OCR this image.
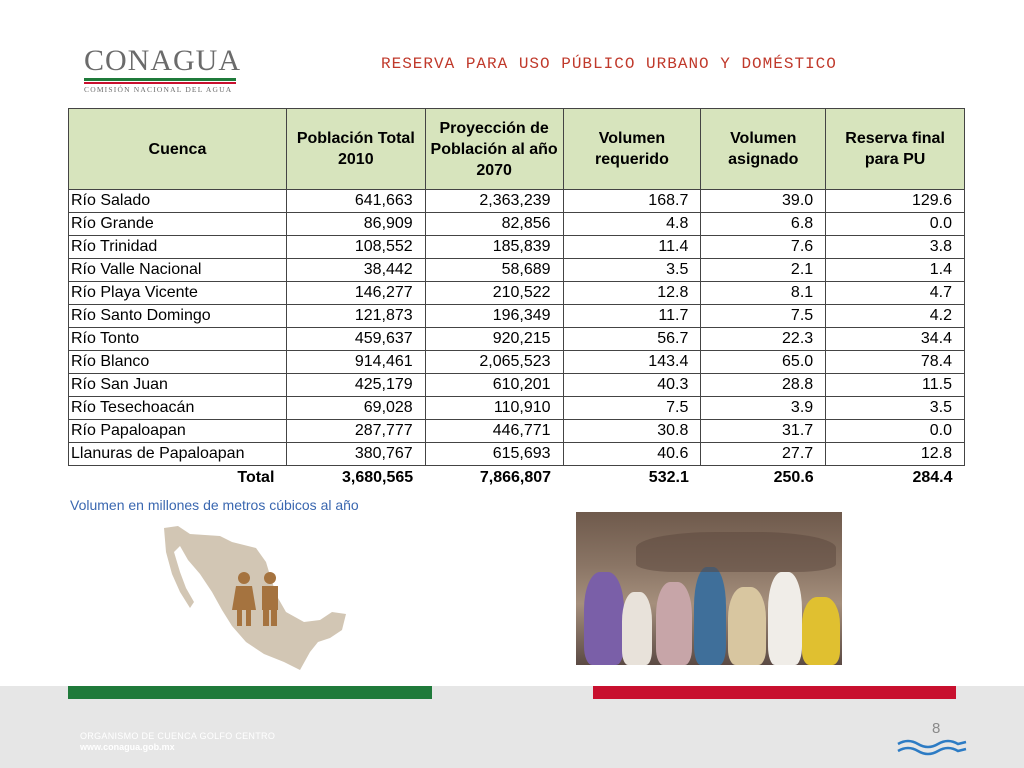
CONAGUA
COMISIÓN NACIONAL DEL AGUA
RESERVA PARA USO PÚBLICO URBANO Y DOMÉSTICO
Cuenca	Población Total 2010	Proyección de Población al año 2070	Volumen requerido	Volumen asignado	Reserva final para PU
Río Salado	641,663	2,363,239	168.7	39.0	129.6
Río Grande	86,909	82,856	4.8	6.8	0.0
Río Trinidad	108,552	185,839	11.4	7.6	3.8
Río Valle Nacional	38,442	58,689	3.5	2.1	1.4
Río Playa Vicente	146,277	210,522	12.8	8.1	4.7
Río Santo Domingo	121,873	196,349	11.7	7.5	4.2
Río Tonto	459,637	920,215	56.7	22.3	34.4
Río Blanco	914,461	2,065,523	143.4	65.0	78.4
Río San Juan	425,179	610,201	40.3	28.8	11.5
Río Tesechoacán	69,028	110,910	7.5	3.9	3.5
Río Papaloapan	287,777	446,771	30.8	31.7	0.0
Llanuras de Papaloapan	380,767	615,693	40.6	27.7	12.8
Total	3,680,565	7,866,807	532.1	250.6	284.4
Volumen en millones de metros cúbicos al año
ORGANISMO DE CUENCA GOLFO CENTRO
www.conagua.gob.mx
8
